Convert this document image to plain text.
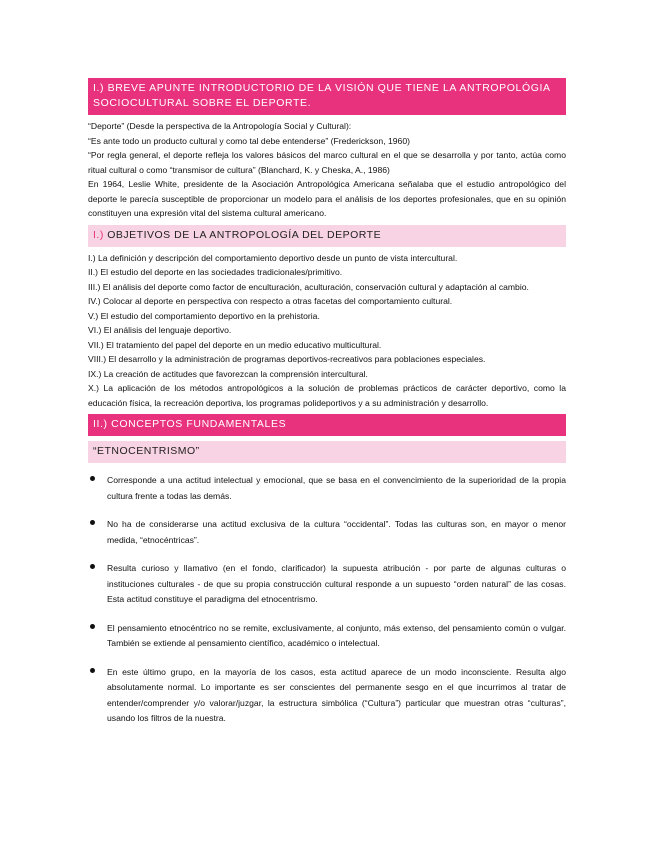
I.) BREVE APUNTE INTRODUCTORIO DE LA VISIÓN QUE TIENE LA ANTROPOLÓGIA SOCIOCULTURAL SOBRE EL DEPORTE.

“Deporte” (Desde la perspectiva de la Antropología Social y Cultural):

“Es ante todo un producto cultural y como tal debe entenderse” (Frederickson, 1960)

“Por regla general, el deporte refleja los valores básicos del marco cultural en el que se desarrolla y por tanto, actúa como ritual cultural o como “transmisor de cultura” (Blanchard, K. y Cheska, A., 1986)

En 1964, Leslie White, presidente de la Asociación Antropológica Americana señalaba que el estudio antropológico del deporte le parecía susceptible de proporcionar un modelo para el análisis de los deportes profesionales, que en su opinión constituyen una expresión vital del sistema cultural americano.

I.) OBJETIVOS DE LA ANTROPOLOGÍA DEL DEPORTE

I.) La definición y descripción del comportamiento deportivo desde un punto de vista intercultural.

II.) El estudio del deporte en las sociedades tradicionales/primitivo.

III.) El análisis del deporte como factor de enculturación, aculturación, conservación cultural y adaptación al cambio.

IV.) Colocar al deporte en perspectiva con respecto a otras facetas del comportamiento cultural.

V.) El estudio del comportamiento deportivo en la prehistoria.

VI.) El análisis del lenguaje deportivo.

VII.) El tratamiento del papel del deporte en un medio educativo multicultural.

VIII.) El desarrollo y la administración de programas deportivos-recreativos para poblaciones especiales.

IX.) La creación de actitudes que favorezcan la comprensión intercultural.

X.) La aplicación de los métodos antropológicos a la solución de problemas prácticos de carácter deportivo, como la educación física, la recreación deportiva, los programas polideportivos y a su administración y desarrollo.

II.) CONCEPTOS FUNDAMENTALES
“ETNOCENTRISMO”
Corresponde a una actitud intelectual y emocional, que se basa en el convencimiento de la superioridad de la propia cultura frente a todas las demás.
No ha de considerarse una actitud exclusiva de la cultura “occidental”. Todas las culturas son, en mayor o menor medida, “etnocéntricas”.
Resulta curioso y llamativo (en el fondo, clarificador) la supuesta atribución - por parte de algunas culturas o instituciones culturales - de que su propia construcción cultural responde a un supuesto “orden natural” de las cosas. Esta actitud constituye el paradigma del etnocentrismo.
El pensamiento etnocéntrico no se remite, exclusivamente, al conjunto, más extenso, del pensamiento común o vulgar. También se extiende al pensamiento científico, académico o intelectual.
En este último grupo, en la mayoría de los casos, esta actitud aparece de un modo inconsciente. Resulta algo absolutamente normal. Lo importante es ser conscientes del permanente sesgo en el que incurrimos al tratar de entender/comprender y/o valorar/juzgar, la estructura simbólica (“Cultura”) particular que muestran otras “culturas”, usando los filtros de la nuestra.
